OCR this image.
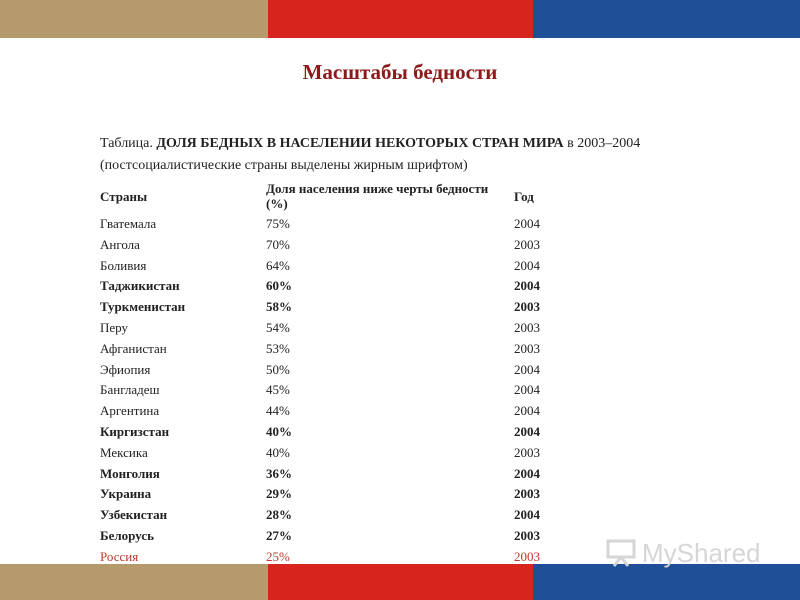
Масштабы бедности
Таблица. ДОЛЯ БЕДНЫХ В НАСЕЛЕНИИ НЕКОТОРЫХ СТРАН МИРА в 2003–2004
(постсоциалистические страны выделены жирным шрифтом)
Страны	Доля населения ниже черты бедности (%)	Год
Гватемала	75%	2004
Ангола	70%	2003
Боливия	64%	2004
Таджикистан	60%	2004
Туркменистан	58%	2003
Перу	54%	2003
Афганистан	53%	2003
Эфиопия	50%	2004
Бангладеш	45%	2004
Аргентина	44%	2004
Киргизстан	40%	2004
Мексика	40%	2003
Монголия	36%	2004
Украина	29%	2003
Узбекистан	28%	2004
Белорусь	27%	2003
Россия	25%	2003	MyShared
